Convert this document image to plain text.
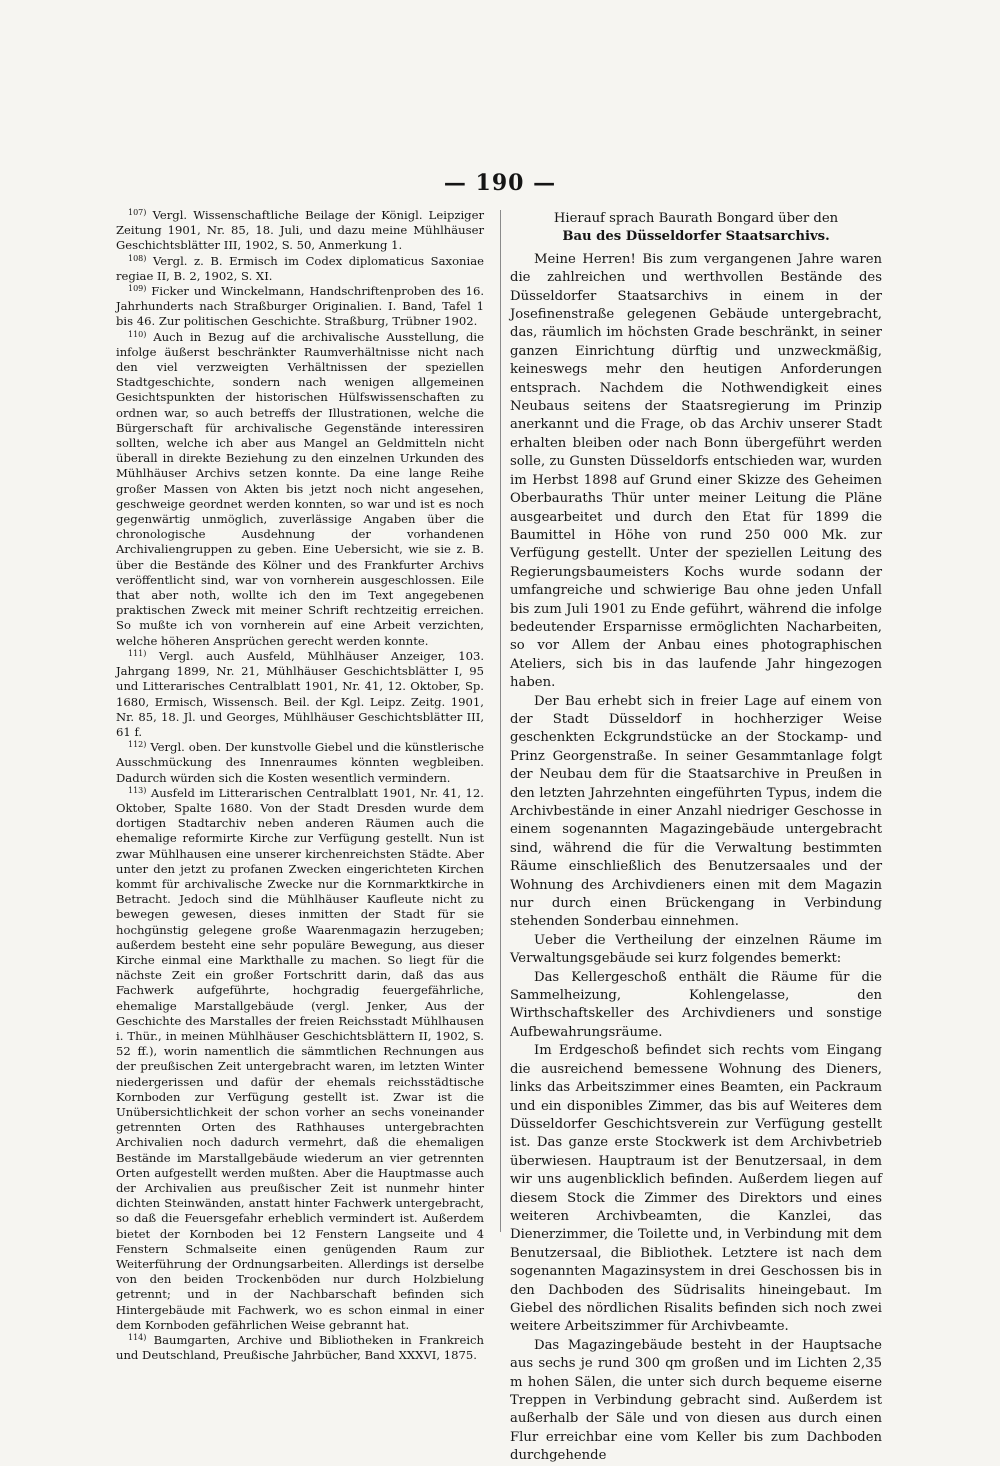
— 190 —

$^{107)}$ Vergl. Wissenschaftliche Beilage der Königl. Leipziger Zeitung 1901, Nr. 85, 18. Juli, und dazu meine Mühlhäuser Geschichtsblätter III, 1902, S. 50, Anmerkung 1.

$^{108)}$ Vergl. z. B. Ermisch im Codex diplomaticus Saxoniae regiae II, B. 2, 1902, S. XI.

$^{109)}$ Ficker und Winckelmann, Handschriftenproben des 16. Jahrhunderts nach Straßburger Originalien. I. Band, Tafel 1 bis 46. Zur politischen Geschichte. Straßburg, Trübner 1902.

$^{110)}$ Auch in Bezug auf die archivalische Ausstellung, die infolge äußerst beschränkter Raumverhältnisse nicht nach den viel verzweigten Verhältnissen der speziellen Stadtgeschichte, sondern nach wenigen allgemeinen Gesichtspunkten der historischen Hülfswissenschaften zu ordnen war, so auch betreffs der Illustrationen, welche die Bürgerschaft für archivalische Gegenstände interessiren sollten, welche ich aber aus Mangel an Geldmitteln nicht überall in direkte Beziehung zu den einzelnen Urkunden des Mühlhäuser Archivs setzen konnte. Da eine lange Reihe großer Massen von Akten bis jetzt noch nicht angesehen, geschweige geordnet werden konnten, so war und ist es noch gegenwärtig unmöglich, zuverlässige Angaben über die chronologische Ausdehnung der vorhandenen Archivaliengruppen zu geben. Eine Uebersicht, wie sie z. B. über die Bestände des Kölner und des Frankfurter Archivs veröffentlicht sind, war von vornherein ausgeschlossen. Eile that aber noth, wollte ich den im Text angegebenen praktischen Zweck mit meiner Schrift rechtzeitig erreichen. So mußte ich von vornherein auf eine Arbeit verzichten, welche höheren Ansprüchen gerecht werden konnte.

$^{111)}$ Vergl. auch Ausfeld, Mühlhäuser Anzeiger, 103. Jahrgang 1899, Nr. 21, Mühlhäuser Geschichtsblätter I, 95 und Litterarisches Centralblatt 1901, Nr. 41, 12. Oktober, Sp. 1680, Ermisch, Wissensch. Beil. der Kgl. Leipz. Zeitg. 1901, Nr. 85, 18. Jl. und Georges, Mühlhäuser Geschichtsblätter III, 61 f.

$^{112)}$ Vergl. oben. Der kunstvolle Giebel und die künstlerische Ausschmückung des Innenraumes könnten wegbleiben. Dadurch würden sich die Kosten wesentlich vermindern.

$^{113)}$ Ausfeld im Litterarischen Centralblatt 1901, Nr. 41, 12. Oktober, Spalte 1680. Von der Stadt Dresden wurde dem dortigen Stadtarchiv neben anderen Räumen auch die ehemalige reformirte Kirche zur Verfügung gestellt. Nun ist zwar Mühlhausen eine unserer kirchenreichsten Städte. Aber unter den jetzt zu profanen Zwecken eingerichteten Kirchen kommt für archivalische Zwecke nur die Kornmarktkirche in Betracht. Jedoch sind die Mühlhäuser Kaufleute nicht zu bewegen gewesen, dieses inmitten der Stadt für sie hochgünstig gelegene große Waarenmagazin herzugeben; außerdem besteht eine sehr populäre Bewegung, aus dieser Kirche einmal eine Markthalle zu machen. So liegt für die nächste Zeit ein großer Fortschritt darin, daß das aus Fachwerk aufgeführte, hochgradig feuergefährliche, ehemalige Marstallgebäude (vergl. Jenker, Aus der Geschichte des Marstalles der freien Reichsstadt Mühlhausen i. Thür., in meinen Mühlhäuser Geschichtsblättern II, 1902, S. 52 ff.), worin namentlich die sämmtlichen Rechnungen aus der preußischen Zeit untergebracht waren, im letzten Winter niedergerissen und dafür der ehemals reichsstädtische Kornboden zur Verfügung gestellt ist. Zwar ist die Unübersichtlichkeit der schon vorher an sechs voneinander getrennten Orten des Rathhauses untergebrachten Archivalien noch dadurch vermehrt, daß die ehemaligen Bestände im Marstallgebäude wiederum an vier getrennten Orten aufgestellt werden mußten. Aber die Hauptmasse auch der Archivalien aus preußischer Zeit ist nunmehr hinter dichten Steinwänden, anstatt hinter Fachwerk untergebracht, so daß die Feuersgefahr erheblich vermindert ist. Außerdem bietet der Kornboden bei 12 Fenstern Langseite und 4 Fenstern Schmalseite einen genügenden Raum zur Weiterführung der Ordnungsarbeiten. Allerdings ist derselbe von den beiden Trockenböden nur durch Holzbielung getrennt; und in der Nachbarschaft befinden sich Hintergebäude mit Fachwerk, wo es schon einmal in einer dem Kornboden gefährlichen Weise gebrannt hat.

$^{114)}$ Baumgarten, Archive und Bibliotheken in Frankreich und Deutschland, Preußische Jahrbücher, Band XXXVI, 1875.

Hierauf sprach Baurath Bongard über den

Bau des Düsseldorfer Staatsarchivs.

Meine Herren! Bis zum vergangenen Jahre waren die zahlreichen und werthvollen Bestände des Düsseldorfer Staatsarchivs in einem in der Josefinenstraße gelegenen Gebäude untergebracht, das, räumlich im höchsten Grade beschränkt, in seiner ganzen Einrichtung dürftig und unzweckmäßig, keineswegs mehr den heutigen Anforderungen entsprach. Nachdem die Nothwendigkeit eines Neubaus seitens der Staatsregierung im Prinzip anerkannt und die Frage, ob das Archiv unserer Stadt erhalten bleiben oder nach Bonn übergeführt werden solle, zu Gunsten Düsseldorfs entschieden war, wurden im Herbst 1898 auf Grund einer Skizze des Geheimen Oberbauraths Thür unter meiner Leitung die Pläne ausgearbeitet und durch den Etat für 1899 die Baumittel in Höhe von rund 250 000 Mk. zur Verfügung gestellt. Unter der speziellen Leitung des Regierungsbaumeisters Kochs wurde sodann der umfangreiche und schwierige Bau ohne jeden Unfall bis zum Juli 1901 zu Ende geführt, während die infolge bedeutender Ersparnisse ermöglichten Nacharbeiten, so vor Allem der Anbau eines photographischen Ateliers, sich bis in das laufende Jahr hingezogen haben.

Der Bau erhebt sich in freier Lage auf einem von der Stadt Düsseldorf in hochherziger Weise geschenkten Eckgrundstücke an der Stockamp- und Prinz Georgenstraße. In seiner Gesammtanlage folgt der Neubau dem für die Staatsarchive in Preußen in den letzten Jahrzehnten eingeführten Typus, indem die Archivbestände in einer Anzahl niedriger Geschosse in einem sogenannten Magazingebäude untergebracht sind, während die für die Verwaltung bestimmten Räume einschließlich des Benutzersaales und der Wohnung des Archivdieners einen mit dem Magazin nur durch einen Brückengang in Verbindung stehenden Sonderbau einnehmen.

Ueber die Vertheilung der einzelnen Räume im Verwaltungsgebäude sei kurz folgendes bemerkt:

Das Kellergeschoß enthält die Räume für die Sammelheizung, Kohlengelasse, den Wirthschaftskeller des Archivdieners und sonstige Aufbewahrungsräume.

Im Erdgeschoß befindet sich rechts vom Eingang die ausreichend bemessene Wohnung des Dieners, links das Arbeitszimmer eines Beamten, ein Packraum und ein disponibles Zimmer, das bis auf Weiteres dem Düsseldorfer Geschichtsverein zur Verfügung gestellt ist. Das ganze erste Stockwerk ist dem Archivbetrieb überwiesen. Hauptraum ist der Benutzersaal, in dem wir uns augenblicklich befinden. Außerdem liegen auf diesem Stock die Zimmer des Direktors und eines weiteren Archivbeamten, die Kanzlei, das Dienerzimmer, die Toilette und, in Verbindung mit dem Benutzersaal, die Bibliothek. Letztere ist nach dem sogenannten Magazinsystem in drei Geschossen bis in den Dachboden des Südrisalits hineingebaut. Im Giebel des nördlichen Risalits befinden sich noch zwei weitere Arbeitszimmer für Archivbeamte.

Das Magazingebäude besteht in der Hauptsache aus sechs je rund 300 qm großen und im Lichten 2,35 m hohen Sälen, die unter sich durch bequeme eiserne Treppen in Verbindung gebracht sind. Außerdem ist außerhalb der Säle und von diesen aus durch einen Flur erreichbar eine vom Keller bis zum Dachboden durchgehende
